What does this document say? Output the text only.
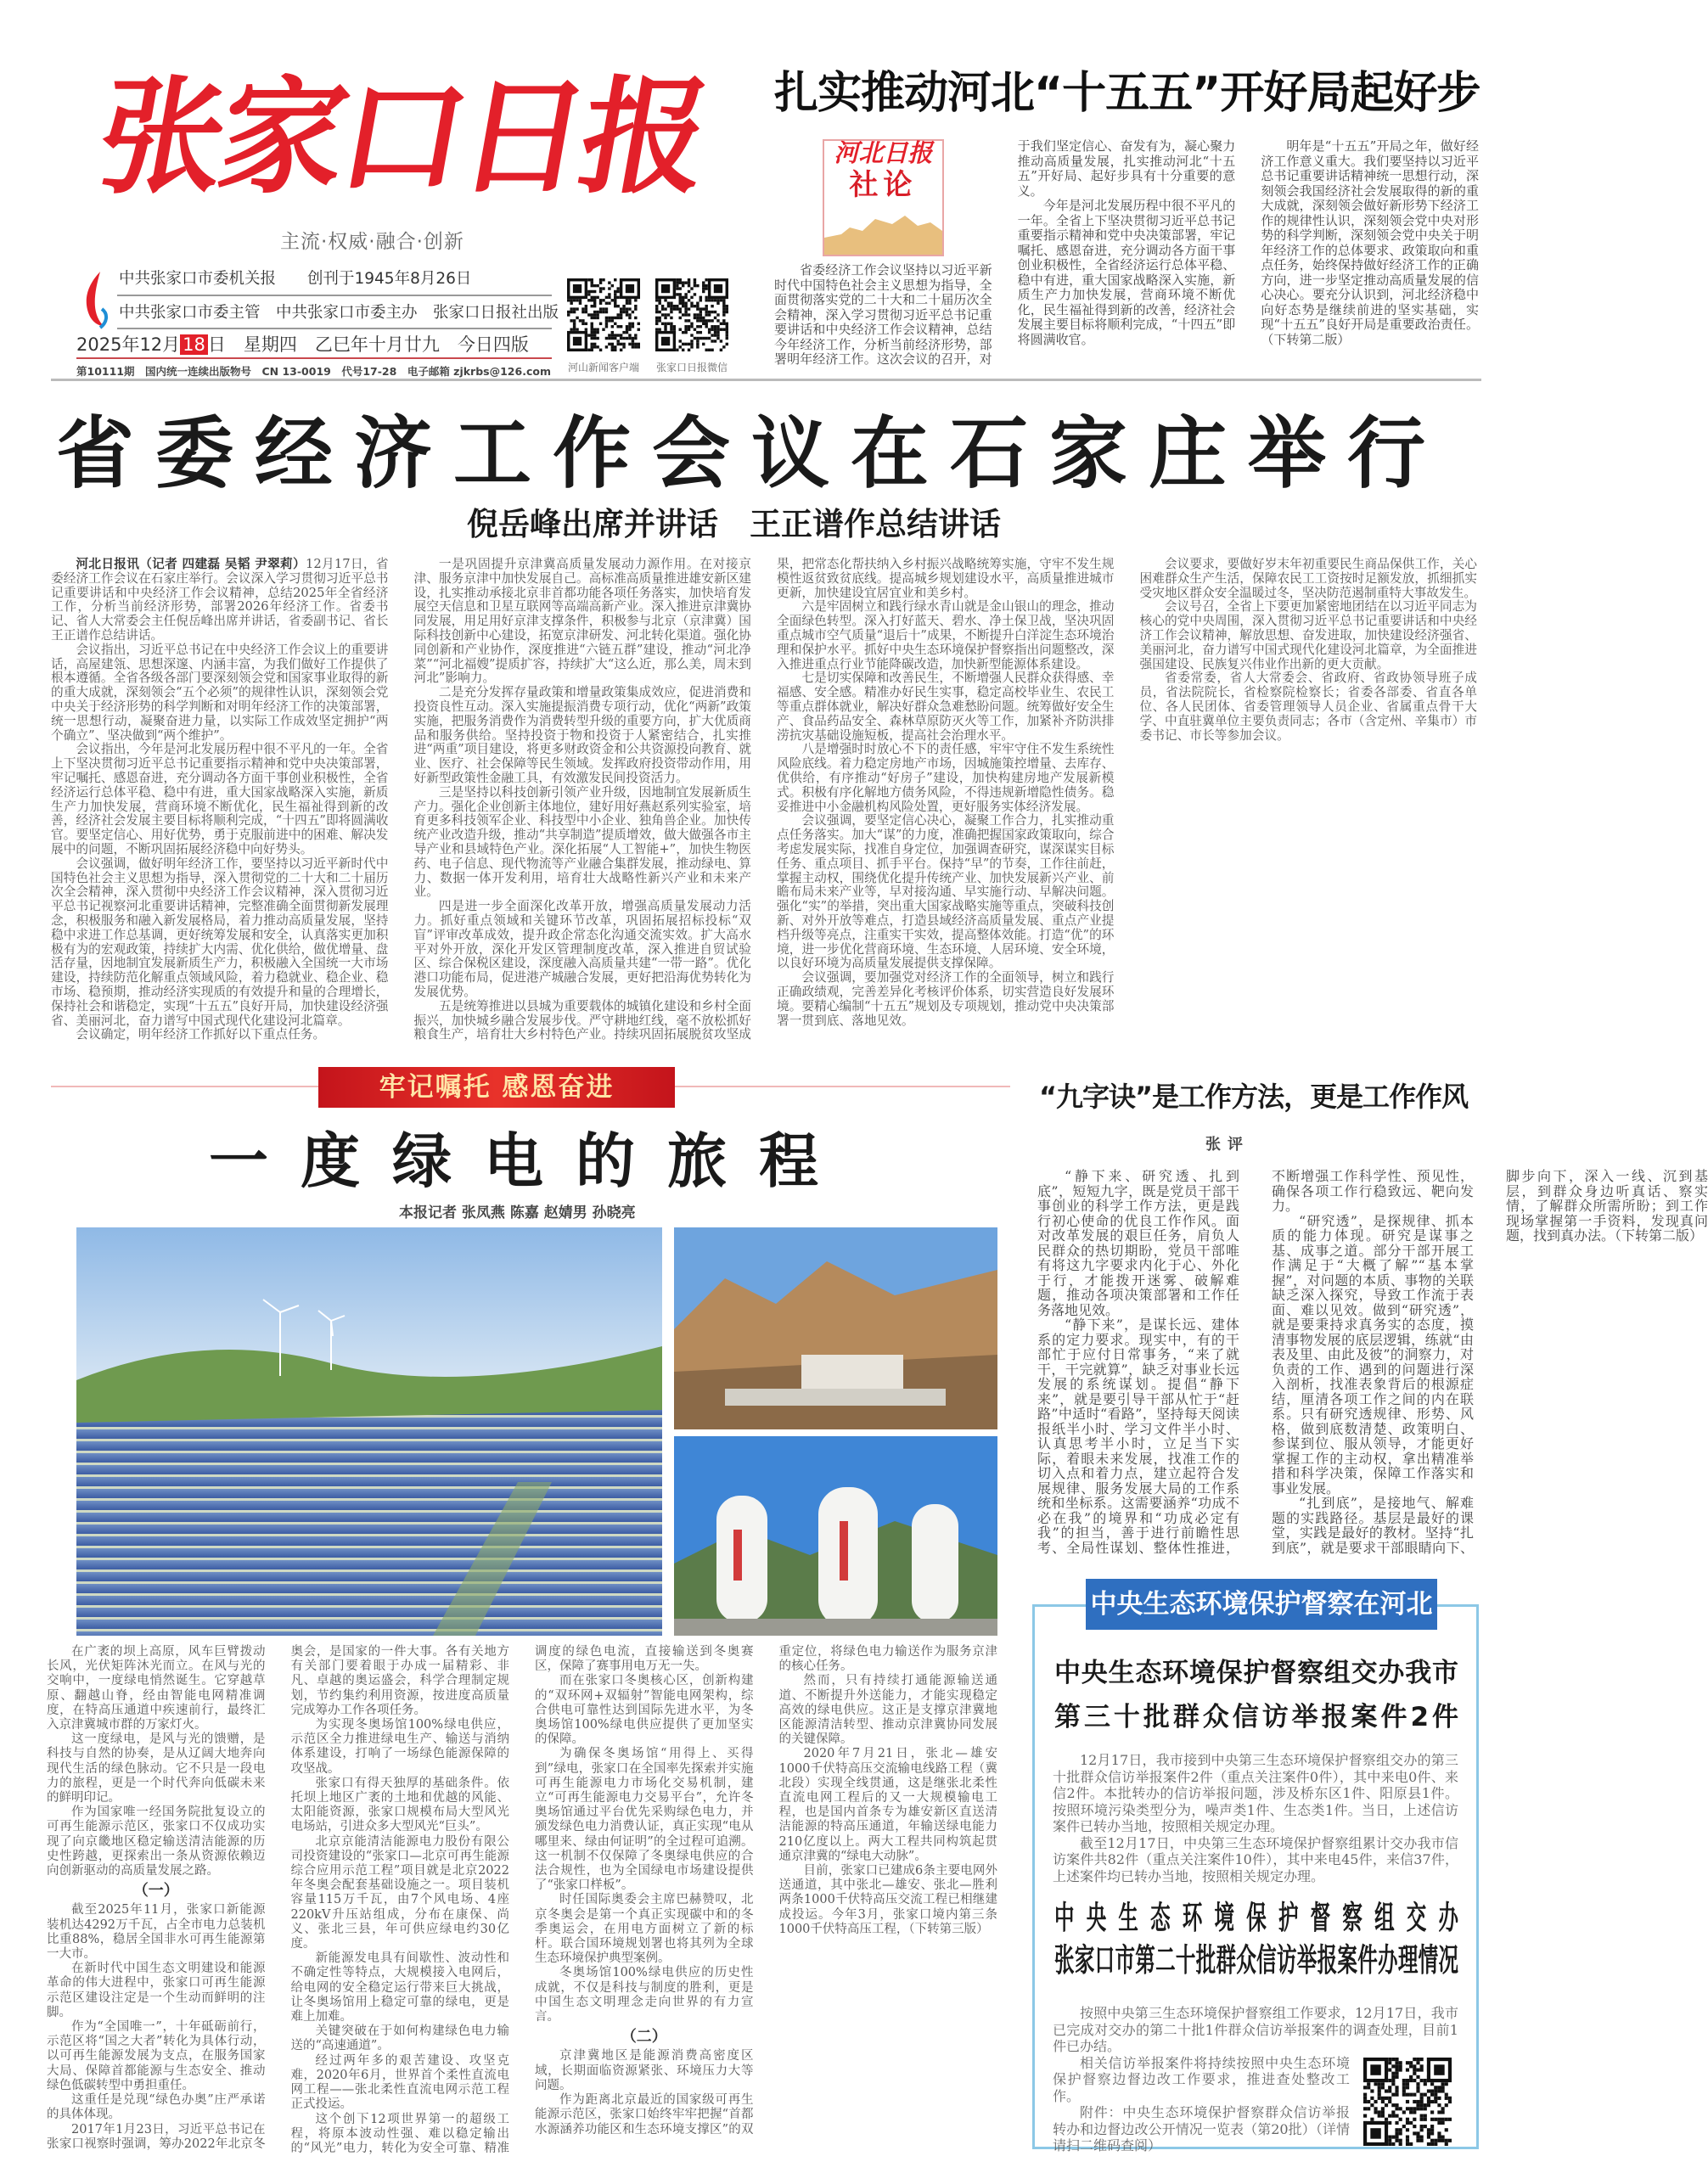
张家口日报
主流·权威·融合·创新
中共张家口市委机关报　　创刊于1945年8月26日
中共张家口市委主管　中共张家口市委主办　张家口日报社出版
2025年12月 18 日　星期四　乙巳年十月廿九　今日四版
第10111期　国内统一连续出版物号　CN 13-0019　代号17-28　电子邮箱 zjkrbs@126.com	河山新闻客户端	张家口日报微信
扎实推动河北“十五五”开好局起好步
河北日报
社论

省委经济工作会议坚持以习近平新时代中国特色社会主义思想为指导，全面贯彻落实党的二十大和二十届历次全会精神，深入学习贯彻习近平总书记重要讲话和中央经济工作会议精神，总结今年经济工作，分析当前经济形势，部署明年经济工作。这次会议的召开，对于我们坚定信心、奋发有为，凝心聚力推动高质量发展，扎实推动河北“十五五”开好局、起好步具有十分重要的意义。

今年是河北发展历程中很不平凡的一年。全省上下坚决贯彻习近平总书记重要指示精神和党中央决策部署，牢记嘱托、感恩奋进，充分调动各方面干事创业积极性，全省经济运行总体平稳、稳中有进，重大国家战略深入实施，新质生产力加快发展，营商环境不断优化，民生福祉得到新的改善，经济社会发展主要目标将顺利完成，“十四五”即将圆满收官。

明年是“十五五”开局之年，做好经济工作意义重大。我们要坚持以习近平总书记重要讲话精神统一思想行动，深刻领会我国经济社会发展取得的新的重大成就，深刻领会做好新形势下经济工作的规律性认识，深刻领会党中央对形势的科学判断，深刻领会党中央关于明年经济工作的总体要求、政策取向和重点任务，始终保持做好经济工作的正确方向，进一步坚定推动高质量发展的信心决心。要充分认识到，河北经济稳中向好态势是继续前进的坚实基础，实现“十五五”良好开局是重要政治责任。（下转第二版）

省委经济工作会议在石家庄举行
倪岳峰出席并讲话　王正谱作总结讲话

河北日报讯（记者 四建磊 吴韬 尹翠莉）12月17日，省委经济工作会议在石家庄举行。会议深入学习贯彻习近平总书记重要讲话和中央经济工作会议精神，总结2025年全省经济工作，分析当前经济形势，部署2026年经济工作。省委书记、省人大常委会主任倪岳峰出席并讲话，省委副书记、省长王正谱作总结讲话。

会议指出，习近平总书记在中央经济工作会议上的重要讲话，高屋建瓴、思想深邃、内涵丰富，为我们做好工作提供了根本遵循。全省各级各部门要深刻领会党和国家事业取得的新的重大成就，深刻领会“五个必须”的规律性认识，深刻领会党中央关于经济形势的科学判断和对明年经济工作的决策部署，统一思想行动，凝聚奋进力量，以实际工作成效坚定拥护“两个确立”、坚决做到“两个维护”。

会议指出，今年是河北发展历程中很不平凡的一年。全省上下坚决贯彻习近平总书记重要指示精神和党中央决策部署，牢记嘱托、感恩奋进，充分调动各方面干事创业积极性，全省经济运行总体平稳、稳中有进，重大国家战略深入实施，新质生产力加快发展，营商环境不断优化，民生福祉得到新的改善，经济社会发展主要目标将顺利完成，“十四五”即将圆满收官。要坚定信心、用好优势，勇于克服前进中的困难、解决发展中的问题，不断巩固拓展经济稳中向好势头。

会议强调，做好明年经济工作，要坚持以习近平新时代中国特色社会主义思想为指导，深入贯彻党的二十大和二十届历次全会精神，深入贯彻中央经济工作会议精神，深入贯彻习近平总书记视察河北重要讲话精神，完整准确全面贯彻新发展理念，积极服务和融入新发展格局，着力推动高质量发展，坚持稳中求进工作总基调，更好统筹发展和安全，认真落实更加积极有为的宏观政策，持续扩大内需、优化供给，做优增量、盘活存量，因地制宜发展新质生产力，积极融入全国统一大市场建设，持续防范化解重点领域风险，着力稳就业、稳企业、稳市场、稳预期，推动经济实现质的有效提升和量的合理增长，保持社会和谐稳定，实现“十五五”良好开局，加快建设经济强省、美丽河北，奋力谱写中国式现代化建设河北篇章。

会议确定，明年经济工作抓好以下重点任务。

一是巩固提升京津冀高质量发展动力源作用。在对接京津、服务京津中加快发展自己。高标准高质量推进雄安新区建设，扎实推动承接北京非首都功能各项任务落实，加快培育发展空天信息和卫星互联网等高端高新产业。深入推进京津冀协同发展，用足用好京津支撑条件，积极参与北京（京津冀）国际科技创新中心建设，拓宽京津研发、河北转化渠道。强化协同创新和产业协作，深度推进“六链五群”建设，推动“河北净菜”“河北福嫂”提质扩容，持续扩大“这么近，那么美，周末到河北”影响力。

二是充分发挥存量政策和增量政策集成效应，促进消费和投资良性互动。深入实施提振消费专项行动，优化“两新”政策实施，把服务消费作为消费转型升级的重要方向，扩大优质商品和服务供给。坚持投资于物和投资于人紧密结合，扎实推进“两重”项目建设，将更多财政资金和公共资源投向教育、就业、医疗、社会保障等民生领域。发挥政府投资带动作用，用好新型政策性金融工具，有效激发民间投资活力。

三是坚持以科技创新引领产业升级，因地制宜发展新质生产力。强化企业创新主体地位，建好用好燕赵系列实验室，培育更多科技领军企业、科技型中小企业、独角兽企业。加快传统产业改造升级，推动“共享制造”提质增效，做大做强各市主导产业和县域特色产业。深化拓展“人工智能+”，加快生物医药、电子信息、现代物流等产业融合集群发展，推动绿电、算力、数据一体开发利用，培育壮大战略性新兴产业和未来产业。

四是进一步全面深化改革开放，增强高质量发展动力活力。抓好重点领域和关键环节改革，巩固拓展招标投标“双盲”评审改革成效，提升政企常态化沟通交流实效。扩大高水平对外开放，深化开发区管理制度改革，深入推进自贸试验区、综合保税区建设，深度融入高质量共建“一带一路”。优化港口功能布局，促进港产城融合发展，更好把沿海优势转化为发展优势。

五是统筹推进以县城为重要载体的城镇化建设和乡村全面振兴，加快城乡融合发展步伐。严守耕地红线，毫不放松抓好粮食生产，培育壮大乡村特色产业。持续巩固拓展脱贫攻坚成果，把常态化帮扶纳入乡村振兴战略统筹实施，守牢不发生规模性返贫致贫底线。提高城乡规划建设水平，高质量推进城市更新，加快建设宜居宜业和美乡村。

六是牢固树立和践行绿水青山就是金山银山的理念，推动全面绿色转型。深入打好蓝天、碧水、净土保卫战，坚决巩固重点城市空气质量“退后十”成果，不断提升白洋淀生态环境治理和保护水平。抓好中央生态环境保护督察指出问题整改，深入推进重点行业节能降碳改造，加快新型能源体系建设。

七是切实保障和改善民生，不断增强人民群众获得感、幸福感、安全感。精准办好民生实事，稳定高校毕业生、农民工等重点群体就业，解决好群众急难愁盼问题。统筹做好安全生产、食品药品安全、森林草原防灭火等工作，加紧补齐防洪排涝抗灾基础设施短板，提高社会治理水平。

八是增强时时放心不下的责任感，牢牢守住不发生系统性风险底线。着力稳定房地产市场，因城施策控增量、去库存、优供给，有序推动“好房子”建设，加快构建房地产发展新模式。积极有序化解地方债务风险，不得违规新增隐性债务。稳妥推进中小金融机构风险处置，更好服务实体经济发展。

会议强调，要坚定信心决心，凝聚工作合力，扎实推动重点任务落实。加大“谋”的力度，准确把握国家政策取向，综合考虑发展实际，找准自身定位，加强调查研究，谋深谋实目标任务、重点项目、抓手平台。保持“早”的节奏，工作往前赶，掌握主动权，围绕优化提升传统产业、加快发展新兴产业、前瞻布局未来产业等，早对接沟通、早实施行动、早解决问题。强化“实”的举措，突出重大国家战略实施等重点，突破科技创新、对外开放等难点，打造县域经济高质量发展、重点产业提档升级等亮点，注重实干实效，提高整体效能。打造“优”的环境，进一步优化营商环境、生态环境、人居环境、安全环境，以良好环境为高质量发展提供支撑保障。

会议强调，要加强党对经济工作的全面领导，树立和践行正确政绩观，完善差异化考核评价体系，切实营造良好发展环境。要精心编制“十五五”规划及专项规划，推动党中央决策部署一贯到底、落地见效。

会议要求，要做好岁末年初重要民生商品保供工作，关心困难群众生产生活，保障农民工工资按时足额发放，抓细抓实受灾地区群众安全温暖过冬，坚决防范遏制重特大事故发生。

会议号召，全省上下要更加紧密地团结在以习近平同志为核心的党中央周围，深入贯彻习近平总书记重要讲话和中央经济工作会议精神，解放思想、奋发进取，加快建设经济强省、美丽河北，奋力谱写中国式现代化建设河北篇章，为全面推进强国建设、民族复兴伟业作出新的更大贡献。

省委常委，省人大常委会、省政府、省政协领导班子成员，省法院院长，省检察院检察长；省委各部委、省直各单位、各人民团体、省委管理领导人员企业、省属重点骨干大学、中直驻冀单位主要负责同志；各市（含定州、辛集市）市委书记、市长等参加会议。

牢记嘱托 感恩奋进
一度绿电的旅程
本报记者 张凤燕 陈嘉 赵婧男 孙晓亮

在广袤的坝上高原，风车巨臂拨动长风，光伏矩阵沐光而立。在风与光的交响中，一度绿电悄然诞生。它穿越草原、翻越山脊，经由智能电网精准调度，在特高压通道中疾速前行，最终汇入京津冀城市群的万家灯火。

这一度绿电，是风与光的馈赠，是科技与自然的协奏，是从辽阔大地奔向现代生活的绿色脉动。它不只是一段电力的旅程，更是一个时代奔向低碳未来的鲜明印记。

作为国家唯一经国务院批复设立的可再生能源示范区，张家口不仅成功实现了向京畿地区稳定输送清洁能源的历史性跨越，更探索出一条从资源依赖迈向创新驱动的高质量发展之路。

（一）

截至2025年11月，张家口新能源装机达4292万千瓦，占全市电力总装机比重88%，稳居全国非水可再生能源第一大市。

在新时代中国生态文明建设和能源革命的伟大进程中，张家口可再生能源示范区建设注定是一个生动而鲜明的注脚。

作为“全国唯一”，十年砥砺前行，示范区将“国之大者”转化为具体行动，以可再生能源发展为支点，在服务国家大局、保障首都能源与生态安全、推动绿色低碳转型中勇担重任。

这重任是兑现“绿色办奥”庄严承诺的具体体现。

2017年1月23日，习近平总书记在张家口视察时强调，筹办2022年北京冬奥会，是国家的一件大事。各有关地方有关部门要着眼于办成一届精彩、非凡、卓越的奥运盛会，科学合理制定规划，节约集约利用资源，按进度高质量完成筹办工作各项任务。

为实现冬奥场馆100%绿电供应，示范区全力推进绿电生产、输送与消纳体系建设，打响了一场绿色能源保障的攻坚战。

张家口有得天独厚的基础条件。依托坝上地区广袤的土地和优越的风能、太阳能资源，张家口规模布局大型风光电场站，引进众多大型风光“巨头”。

北京京能清洁能源电力股份有限公司投资建设的“张家口—北京可再生能源综合应用示范工程”项目就是北京2022年冬奥会配套基础设施之一。项目装机容量115万千瓦，由7个风电场、4座220kV升压站组成，分布在康保、尚义、张北三县，年可供应绿电约30亿度。

新能源发电具有间歇性、波动性和不确定性等特点，大规模接入电网后，给电网的安全稳定运行带来巨大挑战，让冬奥场馆用上稳定可靠的绿电，更是难上加难。

关键突破在于如何构建绿色电力输送的“高速通道”。

经过两年多的艰苦建设、攻坚克难，2020年6月，世界首个柔性直流电网工程——张北柔性直流电网示范工程正式投运。

这个创下12项世界第一的超级工程，将原本波动性强、难以稳定输出的“风光”电力，转化为安全可靠、精准调度的绿色电流，直接输送到冬奥赛区，保障了赛事用电万无一失。

而在张家口冬奥核心区，创新构建的“双环网+双辐射”智能电网架构，综合供电可靠性达到国际先进水平，为冬奥场馆100%绿电供应提供了更加坚实的保障。

为确保冬奥场馆“用得上、买得到”绿电，张家口在全国率先探索并实施可再生能源电力市场化交易机制，建立“可再生能源电力交易平台”，允许冬奥场馆通过平台优先采购绿色电力，并颁发绿色电力消费认证，真正实现“电从哪里来、绿由何证明”的全过程可追溯。这一机制不仅保障了冬奥绿电供应的合法合规性，也为全国绿电市场建设提供了“张家口样板”。

时任国际奥委会主席巴赫赞叹，北京冬奥会是第一个真正实现碳中和的冬季奥运会，在用电方面树立了新的标杆。联合国环境规划署也将其列为全球生态环境保护典型案例。

冬奥场馆100%绿电供应的历史性成就，不仅是科技与制度的胜利，更是中国生态文明理念走向世界的有力宣言。

（二）

京津冀地区是能源消费高密度区域，长期面临资源紧张、环境压力大等问题。

作为距离北京最近的国家级可再生能源示范区，张家口始终牢牢把握“首都水源涵养功能区和生态环境支撑区”的双重定位，将绿色电力输送作为服务京津的核心任务。

然而，只有持续打通能源输送通道、不断提升外送能力，才能实现稳定高效的绿电供应。这正是支撑京津冀地区能源清洁转型、推动京津冀协同发展的关键保障。

2020年7月21日，张北—雄安1000千伏特高压交流输电线路工程（冀北段）实现全线贯通，这是继张北柔性直流电网工程后的又一大规模输电工程，也是国内首条专为雄安新区直送清洁能源的特高压通道，年输送绿电能力210亿度以上。两大工程共同构筑起贯通京津冀的“绿电大动脉”。

目前，张家口已建成6条主要电网外送通道，其中张北—雄安、张北—胜利两条1000千伏特高压交流工程已相继建成投运。今年3月，张家口境内第三条1000千伏特高压工程，（下转第三版）

“九字诀”是工作方法，更是工作作风
张评

“静下来、研究透、扎到底”，短短九字，既是党员干部干事创业的科学工作方法，更是践行初心使命的优良工作作风。面对改革发展的艰巨任务，肩负人民群众的热切期盼，党员干部唯有将这九字要求内化于心、外化于行，才能拨开迷雾、破解难题，推动各项决策部署和工作任务落地见效。

“静下来”，是谋长远、建体系的定力要求。现实中，有的干部忙于应付日常事务，“来了就干，干完就算”，缺乏对事业长远发展的系统谋划。提倡“静下来”，就是要引导干部从忙于“赶路”中适时“看路”，坚持每天阅读报纸半小时、学习文件半小时、认真思考半小时，立足当下实际，着眼未来发展，找准工作的切入点和着力点，建立起符合发展规律、服务发展大局的工作系统和坐标系。这需要涵养“功成不必在我”的境界和“功成必定有我”的担当，善于进行前瞻性思考、全局性谋划、整体性推进，不断增强工作科学性、预见性，确保各项工作行稳致远、靶向发力。

“研究透”，是探规律、抓本质的能力体现。研究是谋事之基、成事之道。部分干部开展工作满足于“大概了解”“基本掌握”，对问题的本质、事物的关联缺乏深入探究，导致工作流于表面、难以见效。做到“研究透”，就是要秉持求真务实的态度，摸清事物发展的底层逻辑，练就“由表及里、由此及彼”的洞察力，对负责的工作、遇到的问题进行深入剖析，找准表象背后的根源症结，厘清各项工作之间的内在联系。只有研究透规律、形势、风格，做到底数清楚、政策明白、参谋到位、服从领导，才能更好掌握工作的主动权，拿出精准举措和科学决策，保障工作落实和事业发展。

“扎到底”，是接地气、解难题的实践路径。基层是最好的课堂，实践是最好的教材。坚持“扎到底”，就是要求干部眼睛向下、脚步向下，深入一线、沉到基层，到群众身边听真话、察实情，了解群众所需所盼；到工作现场掌握第一手资料，发现真问题，找到真办法。（下转第二版）

中央生态环境保护督察在河北
中央生态环境保护督察组交办我市
第三十批群众信访举报案件2件

12月17日，我市接到中央第三生态环境保护督察组交办的第三十批群众信访举报案件2件（重点关注案件0件），其中来电0件、来信2件。本批转办的信访举报问题，涉及桥东区1件、阳原县1件。按照环境污染类型分为，噪声类1件、生态类1件。当日，上述信访案件已转办当地，按照相关规定办理。

截至12月17日，中央第三生态环境保护督察组累计交办我市信访案件共82件（重点关注案件10件），其中来电45件，来信37件，上述案件均已转办当地，按照相关规定办理。

中央生态环境保护督察组交办
张家口市第二十批群众信访举报案件办理情况

按照中央第三生态环境保护督察组工作要求，12月17日，我市已完成对交办的第二十批1件群众信访举报案件的调查处理，目前1件已办结。

相关信访举报案件将持续按照中央生态环境保护督察边督边改工作要求，推进查处整改工作。

附件：中央生态环境保护督察群众信访举报转办和边督边改公开情况一览表（第20批）（详情请扫二维码查阅）
